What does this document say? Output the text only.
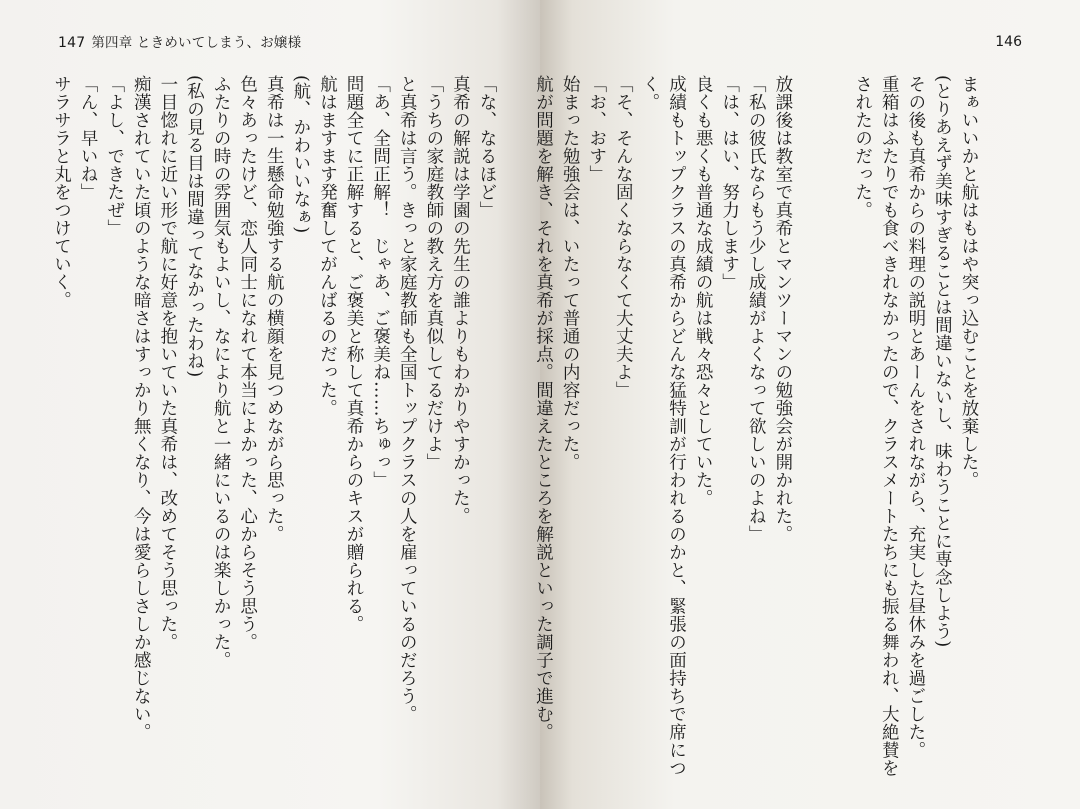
147 第四章 ときめいてしまう、お嬢様
「な、なるほど」
真希の解説は学園の先生の誰よりもわかりやすかった。
「うちの家庭教師の教え方を真似してるだけよ」
と真希は言う。きっと家庭教師も全国トップクラスの人を雇っているのだろう。
「あ、全問正解！　じゃあ、ご褒美ね……ちゅっ」
問題全てに正解すると、ご褒美と称して真希からのキスが贈られる。
航はますます発奮してがんばるのだった。
(航、かわいいなぁ)
真希は一生懸命勉強する航の横顔を見つめながら思った。
色々あったけど、恋人同士になれて本当によかった、心からそう思う。
ふたりの時の雰囲気もよいし、なにより航と一緒にいるのは楽しかった。
(私の見る目は間違ってなかったわね)
一目惚れに近い形で航に好意を抱いていた真希は、改めてそう思った。
痴漢されていた頃のような暗さはすっかり無くなり、今は愛らしさしか感じない。
「よし、できたぜ」
「ん、早いね」
サラサラと丸をつけていく。
146
まぁいいかと航はもはや突っ込むことを放棄した。
(とりあえず美味すぎることは間違いないし、味わうことに専念しよう)
その後も真希からの料理の説明とあーんをされながら、充実した昼休みを過ごした。
重箱はふたりでも食べきれなかったので、クラスメートたちにも振る舞われ、大絶賛を
されたのだった。

放課後は教室で真希とマンツーマンの勉強会が開かれた。
「私の彼氏ならもう少し成績がよくなって欲しいのよね」
「は、はい、努力します」
良くも悪くも普通な成績の航は戦々恐々としていた。
成績もトップクラスの真希からどんな猛特訓が行われるのかと、緊張の面持ちで席につ
く。
「そ、そんな固くならなくて大丈夫よ」
「お、おす」
始まった勉強会は、いたって普通の内容だった。
航が問題を解き、それを真希が採点。間違えたところを解説といった調子で進む。
